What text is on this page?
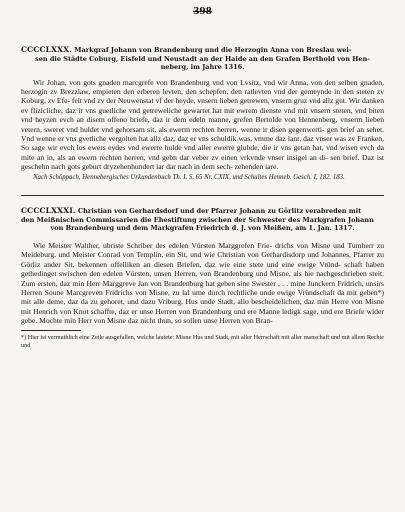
398
CCCCLXXX. Markgraf Johann von Brandenburg und die Herzogin Anna von Breslau wei-
sen die Städte Coburg, Eisfeld und Neustadt an der Haide an den Grafen Berthold von Hen-
neberg, im Jahre 1316.

Wir Johan, von gots gnaden marcgrefe von Brandenburg vnd von Lvsitz, vnd wir Anna, von den selben gnaden, herzogin zv Brezzlaw, empieten den erberen levten, den schepfen, den ratlevten vnd der gemeynde in den steten zv Koburg, zv Efe- felt vnd zv der Neuwenstat vf der heyde, vnsern lieben getrewen, vnsern gruz vnd allz gut. Wir danken ev flizicliche, daz ir vns guetliche vnd getreweliche gewartet hat mit ewrem dienste vnd mit vnsern steten, vnd biten vnd heyzen evch an disem offeno briefe, daz ir dem edeln manne, grefen Bertolde von Hennenberg, vnserm lieben vetern, sweret vnd huldet vnd gehorsam sit, als ewerm rechten herren, wenne ir disen gegenwerti- gen brief an sehet. Vnd wenne er vns gvetliche vergolten hat allz daz, daz er vns schuldik was, vmme daz lant, daz vnser was zv Franken, So sage wir evch los ewers eydes vnd ewerre hulde vnd aller ewerre glubde, die ir vns getan hat, vnd wisen evch da mite an in, als an ewern rechten herren, vnd gebn dar veber zv einen vrkvnde vnser insigel an di- sen brief. Daz ist geschehn nach gots geburt dryzehenhundert iar dar nach in dem sech- zehenden iare.

Nach Schöppach, Hennebergisches Urkundenbuch Th. I. S. 65 Nr. CXIX, und Schultes Henneb. Gesch. I, 182. 183.
CCCCLXXXI. Christian von Gerhardsdorf und der Pfarrer Johann zu Görlitz verabreden mit
den Meißnischen Commissarien die Ehestiftung zwischen der Schwester des Markgrafen Johann
von Brandenburg und dem Markgrafen Friedrich d. J. von Meißen, am 1. Jan. 1317.

Wie Meister Walther, ubriste Schriber des edelen Vürsten Marggrefen Frie- drichs von Misne und Tumherr zu Meideburg, und Meister Conrad von Templin, ein Sit, und wie Christian von Gerhardisdorp und Johannes, Pfarrer zu Görliz ander Sit, bekennen offelliken an diesen Briefen, daz wie eine stete und eine ewige Vründ- schaft haben gethedinget swischen den edelen Vürsten, unsen Herren, von Brandenburg und Misne, als hie nachgeschrieben steit. Zum ersten, daz min Herr Marggreve Jan von Brandenburg hat geben sine Swester , . . mine Junckern Fridrich, unsirs Herren Soune Marcgreven Fridrichs von Misne, zu lal ume durch rechtliche unde ewige Vründschaft da mit geben*) mit alle deme, daz da zu gehoret, und dazu Vriburg, Hus unde Stadt, allo bescheidelichen, daz min Herre von Misne mit Henrich von Knut schaffte, daz er unse Herren von Brandenburg und ere Manne ledigk sage, und ere Briefe wider gebe. Mochte min Herr von Misne daz nicht thun, so sollen unse Herren von Bran-

*) Hier ist vermuthlich eine Zeile ausgefallen, welche lautete: Misne Hus und Stadt, mit aller Herrschaft mit aller manschaft und mit allem Rechte und
